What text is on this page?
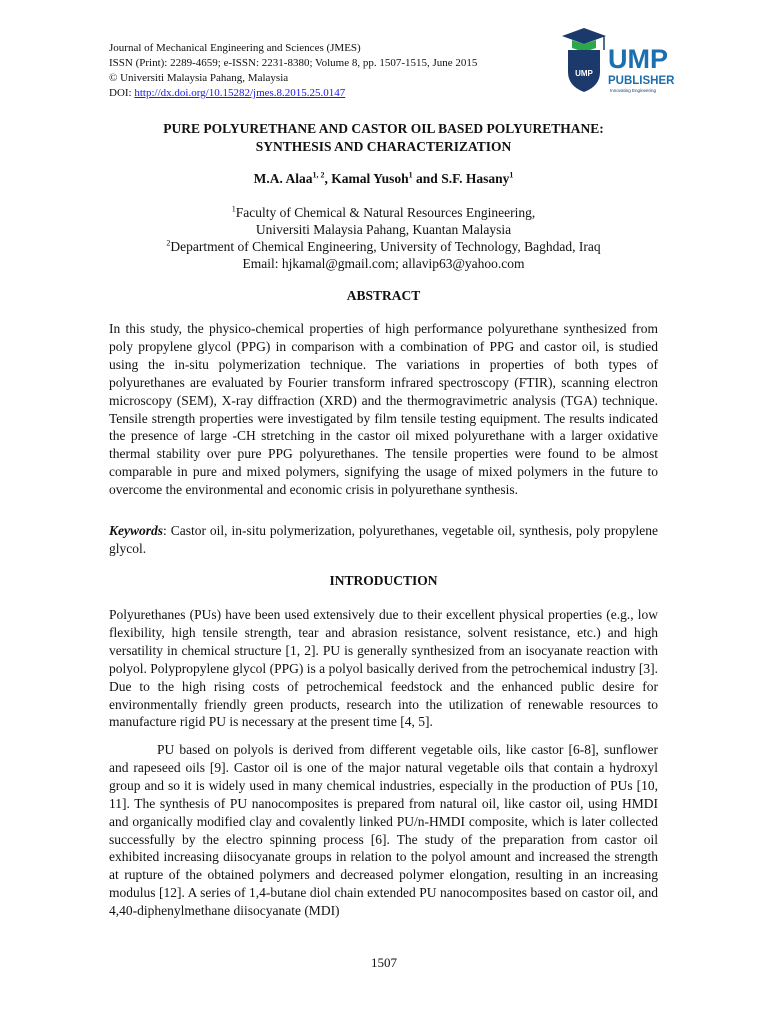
Journal of Mechanical Engineering and Sciences (JMES)
ISSN (Print): 2289-4659; e-ISSN: 2231-8380; Volume 8, pp. 1507-1515, June 2015
© Universiti Malaysia Pahang, Malaysia
DOI: http://dx.doi.org/10.15282/jmes.8.2015.25.0147
UMP UMP
PUBLISHER
Innovating Engineering
PURE POLYURETHANE AND CASTOR OIL BASED POLYURETHANE:
SYNTHESIS AND CHARACTERIZATION
M.A. Alaa$^{1, 2}$, Kamal Yusoh$^1$ and S.F. Hasany$^1$
$^1$Faculty of Chemical & Natural Resources Engineering,
Universiti Malaysia Pahang, Kuantan Malaysia
$^2$Department of Chemical Engineering, University of Technology, Baghdad, Iraq
Email: hjkamal@gmail.com; allavip63@yahoo.com
ABSTRACT

In this study, the physico-chemical properties of high performance polyurethane synthesized from poly propylene glycol (PPG) in comparison with a combination of PPG and castor oil, is studied using the in-situ polymerization technique. The variations in properties of both types of polyurethanes are evaluated by Fourier transform infrared spectroscopy (FTIR), scanning electron microscopy (SEM), X-ray diffraction (XRD) and the thermogravimetric analysis (TGA) technique. Tensile strength properties were investigated by film tensile testing equipment. The results indicated the presence of large -CH stretching in the castor oil mixed polyurethane with a larger oxidative thermal stability over pure PPG polyurethanes. The tensile properties were found to be almost comparable in pure and mixed polymers, signifying the usage of mixed polymers in the future to overcome the environmental and economic crisis in polyurethane synthesis.

Keywords: Castor oil, in-situ polymerization, polyurethanes, vegetable oil, synthesis, poly propylene glycol.

INTRODUCTION

Polyurethanes (PUs) have been used extensively due to their excellent physical properties (e.g., low flexibility, high tensile strength, tear and abrasion resistance, solvent resistance, etc.) and high versatility in chemical structure [1, 2]. PU is generally synthesized from an isocyanate reaction with polyol. Polypropylene glycol (PPG) is a polyol basically derived from the petrochemical industry [3]. Due to the high rising costs of petrochemical feedstock and the enhanced public desire for environmentally friendly green products, research into the utilization of renewable resources to manufacture rigid PU is necessary at the present time [4, 5].

PU based on polyols is derived from different vegetable oils, like castor [6-8], sunflower and rapeseed oils [9]. Castor oil is one of the major natural vegetable oils that contain a hydroxyl group and so it is widely used in many chemical industries, especially in the production of PUs [10, 11]. The synthesis of PU nanocomposites is prepared from natural oil, like castor oil, using HMDI and organically modified clay and covalently linked PU/n-HMDI composite, which is later collected successfully by the electro spinning process [6]. The study of the preparation from castor oil exhibited increasing diisocyanate groups in relation to the polyol amount and increased the strength at rupture of the obtained polymers and decreased polymer elongation, resulting in an increasing modulus [12]. A series of 1,4-butane diol chain extended PU nanocomposites based on castor oil, and 4,40-diphenylmethane diisocyanate (MDI)

1507
